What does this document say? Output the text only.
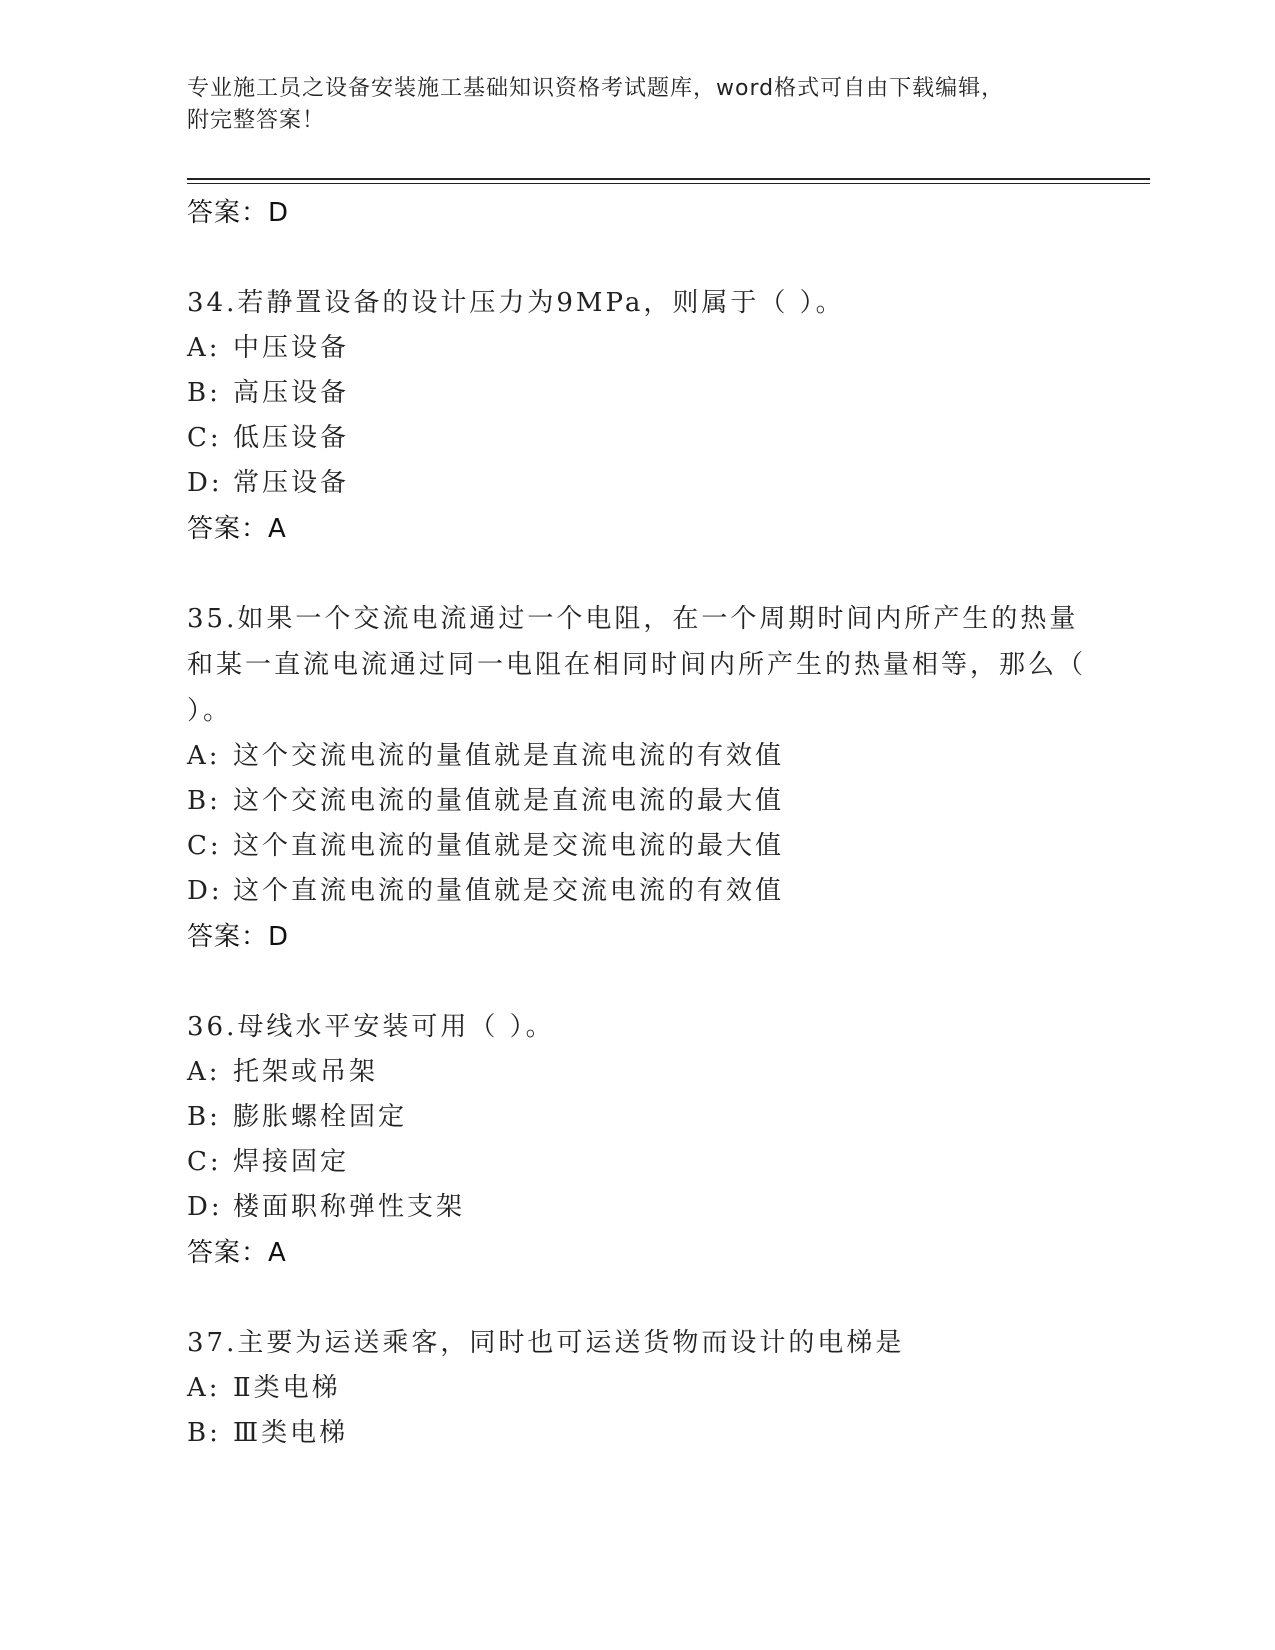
专业施工员之设备安装施工基础知识资格考试题库，word格式可自由下载编辑，
附完整答案！
答案：D
34.若静置设备的设计压力为9MPa，则属于（ ）。
A: 中压设备
B: 高压设备
C: 低压设备
D: 常压设备
答案：A
35.如果一个交流电流通过一个电阻，在一个周期时间内所产生的热量和某一直流电流通过同一电阻在相同时间内所产生的热量相等，那么（ ）。
A: 这个交流电流的量值就是直流电流的有效值
B: 这个交流电流的量值就是直流电流的最大值
C: 这个直流电流的量值就是交流电流的最大值
D: 这个直流电流的量值就是交流电流的有效值
答案：D
36.母线水平安装可用（ ）。
A: 托架或吊架
B: 膨胀螺栓固定
C: 焊接固定
D: 楼面职称弹性支架
答案：A
37.主要为运送乘客，同时也可运送货物而设计的电梯是
A: Ⅱ类电梯
B: Ⅲ类电梯
